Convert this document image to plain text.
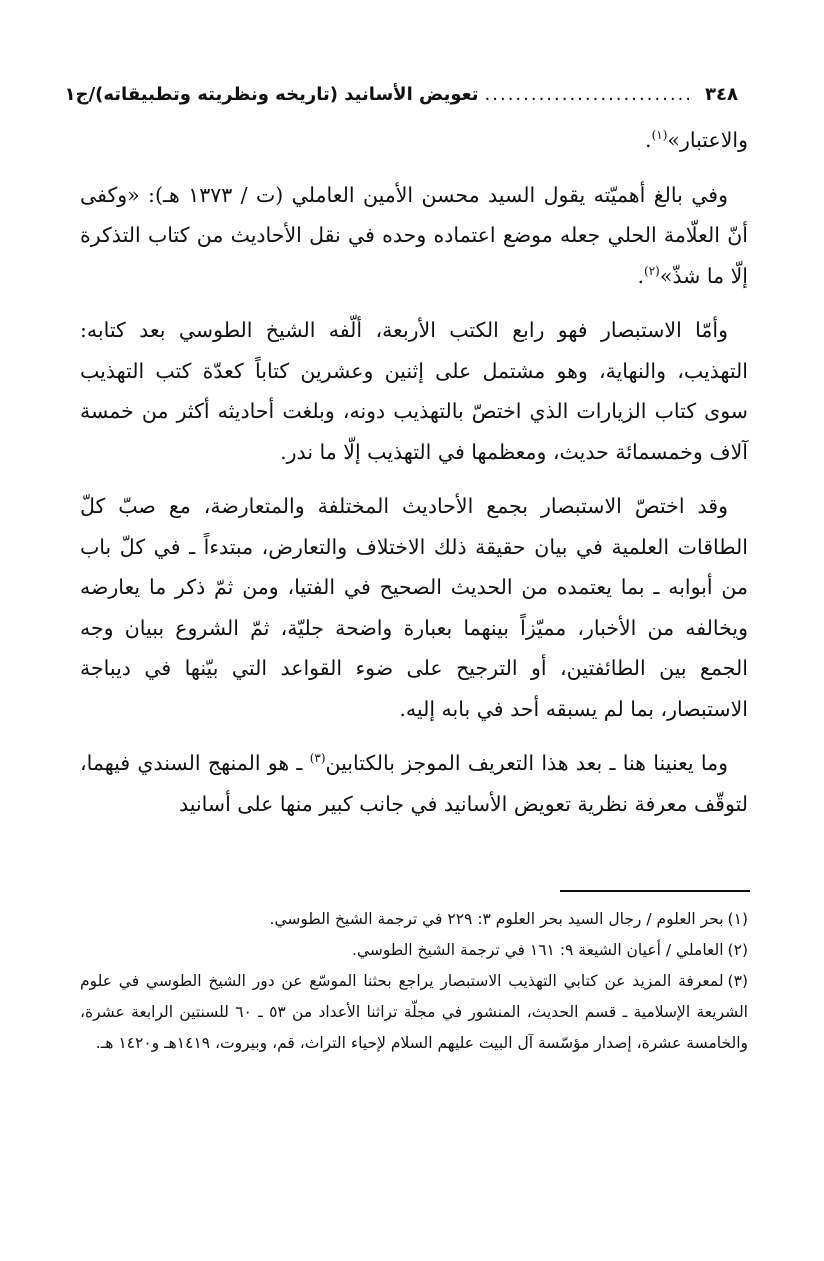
٣٤٨
...........................
تعويض الأسانيد (تاريخه ونظريته وتطبيقاته)/ج١

والاعتبار»$^{(١)}$.

وفي بالغ أهميّته يقول السيد محسن الأمين العاملي (ت / ١٣٧٣ هـ): «وكفى أنّ العلّامة الحلي جعله موضع اعتماده وحده في نقل الأحاديث من كتاب التذكرة إلّا ما شذّ»$^{(٢)}$.

وأمّا الاستبصار فهو رابع الكتب الأربعة، ألّفه الشيخ الطوسي بعد كتابه: التهذيب، والنهاية، وهو مشتمل على إثنين وعشرين كتاباً كعدّة كتب التهذيب سوى كتاب الزيارات الذي اختصّ بالتهذيب دونه، وبلغت أحاديثه أكثر من خمسة آلاف وخمسمائة حديث، ومعظمها في التهذيب إلّا ما ندر.

وقد اختصّ الاستبصار بجمع الأحاديث المختلفة والمتعارضة، مع صبّ كلّ الطاقات العلمية في بيان حقيقة ذلك الاختلاف والتعارض، مبتدءاً ـ في كلّ باب من أبوابه ـ بما يعتمده من الحديث الصحيح في الفتيا، ومن ثمّ ذكر ما يعارضه ويخالفه من الأخبار، مميّزاً بينهما بعبارة واضحة جليّة، ثمّ الشروع ببيان وجه الجمع بين الطائفتين، أو الترجيح على ضوء القواعد التي بيّنها في ديباجة الاستبصار، بما لم يسبقه أحد في بابه إليه.

وما يعنينا هنا ـ بعد هذا التعريف الموجز بالكتابين$^{(٣)}$ ـ هو المنهج السندي فيهما، لتوقّف معرفة نظرية تعويض الأسانيد في جانب كبير منها على أسانيد

(١)بحر العلوم / رجال السيد بحر العلوم ٣: ٢٢٩ في ترجمة الشيخ الطوسي.

(٢)العاملي / أعيان الشيعة ٩: ١٦١ في ترجمة الشيخ الطوسي.

(٣)لمعرفة المزيد عن كتابي التهذيب الاستبصار يراجع بحثنا الموسّع عن دور الشيخ الطوسي في علوم الشريعة الإسلامية ـ قسم الحديث، المنشور في مجلّة تراثنا الأعداد من ٥٣ ـ ٦٠ للسنتين الرابعة عشرة، والخامسة عشرة، إصدار مؤسّسة آل البيت عليهم السلام لإحياء التراث، قم، وبيروت، ١٤١٩هـ و١٤٢٠ هـ.
